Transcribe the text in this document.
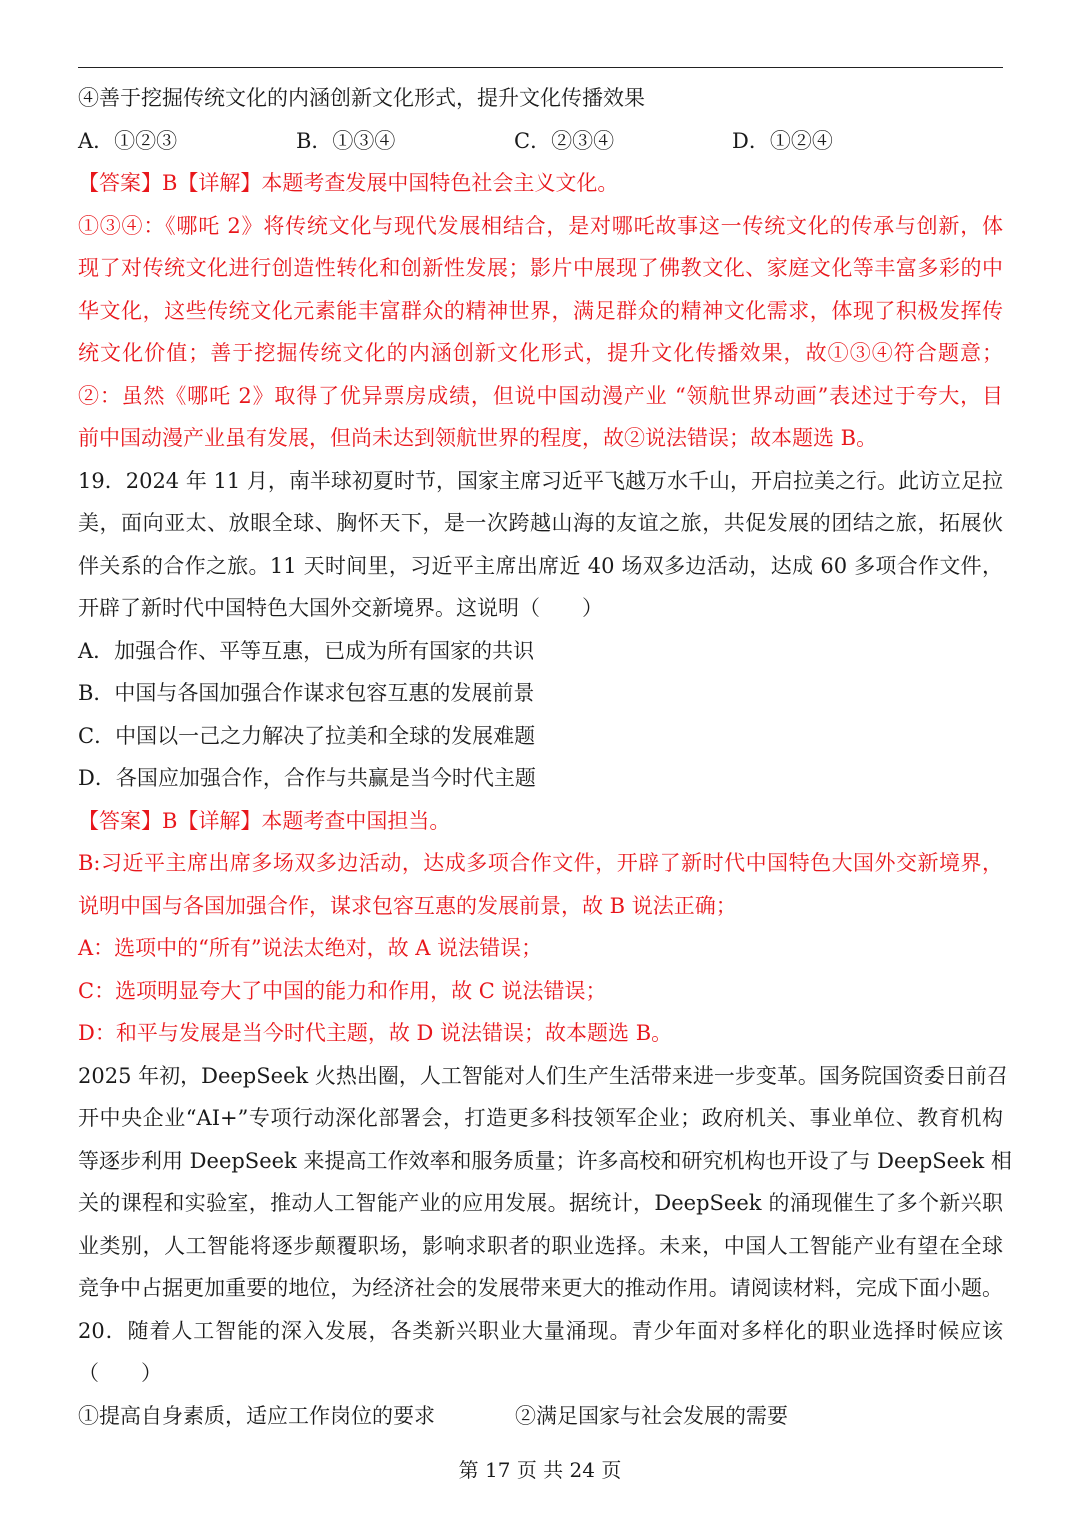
④善于挖掘传统文化的内涵创新文化形式，提升文化传播效果
A．①②③	B．①③④	C．②③④	D．①②④
【答案】B【详解】本题考查发展中国特色社会主义文化。
①③④：《哪吒 2》将传统文化与现代发展相结合，是对哪吒故事这一传统文化的传承与创新，体
现了对传统文化进行创造性转化和创新性发展；影片中展现了佛教文化、家庭文化等丰富多彩的中
华文化，这些传统文化元素能丰富群众的精神世界，满足群众的精神文化需求，体现了积极发挥传
统文化价值；善于挖掘传统文化的内涵创新文化形式，提升文化传播效果，故①③④符合题意；
②：虽然《哪吒 2》取得了优异票房成绩，但说中国动漫产业 “领航世界动画”表述过于夸大，目
前中国动漫产业虽有发展，但尚未达到领航世界的程度，故②说法错误；故本题选 B。
19．2024 年 11 月，南半球初夏时节，国家主席习近平飞越万水千山，开启拉美之行。此访立足拉
美，面向亚太、放眼全球、胸怀天下，是一次跨越山海的友谊之旅，共促发展的团结之旅，拓展伙
伴关系的合作之旅。11 天时间里，习近平主席出席近 40 场双多边活动，达成 60 多项合作文件，
开辟了新时代中国特色大国外交新境界。这说明（　　）
A．加强合作、平等互惠，已成为所有国家的共识
B．中国与各国加强合作谋求包容互惠的发展前景
C．中国以一己之力解决了拉美和全球的发展难题
D．各国应加强合作，合作与共赢是当今时代主题
【答案】B【详解】本题考查中国担当。
B:习近平主席出席多场双多边活动，达成多项合作文件，开辟了新时代中国特色大国外交新境界，
说明中国与各国加强合作，谋求包容互惠的发展前景，故 B 说法正确；
A：选项中的“所有”说法太绝对，故 A 说法错误；
C：选项明显夸大了中国的能力和作用，故 C 说法错误；
D：和平与发展是当今时代主题，故 D 说法错误；故本题选 B。
2025 年初，DeepSeek 火热出圈，人工智能对人们生产生活带来进一步变革。国务院国资委日前召
开中央企业“AI+”专项行动深化部署会，打造更多科技领军企业；政府机关、事业单位、教育机构
等逐步利用 DeepSeek 来提高工作效率和服务质量；许多高校和研究机构也开设了与 DeepSeek 相
关的课程和实验室，推动人工智能产业的应用发展。据统计，DeepSeek 的涌现催生了多个新兴职
业类别，人工智能将逐步颠覆职场，影响求职者的职业选择。未来，中国人工智能产业有望在全球
竞争中占据更加重要的地位，为经济社会的发展带来更大的推动作用。请阅读材料，完成下面小题。
20．随着人工智能的深入发展，各类新兴职业大量涌现。青少年面对多样化的职业选择时候应该
（　　）
①提高自身素质，适应工作岗位的要求	②满足国家与社会发展的需要
第 17 页 共 24 页
